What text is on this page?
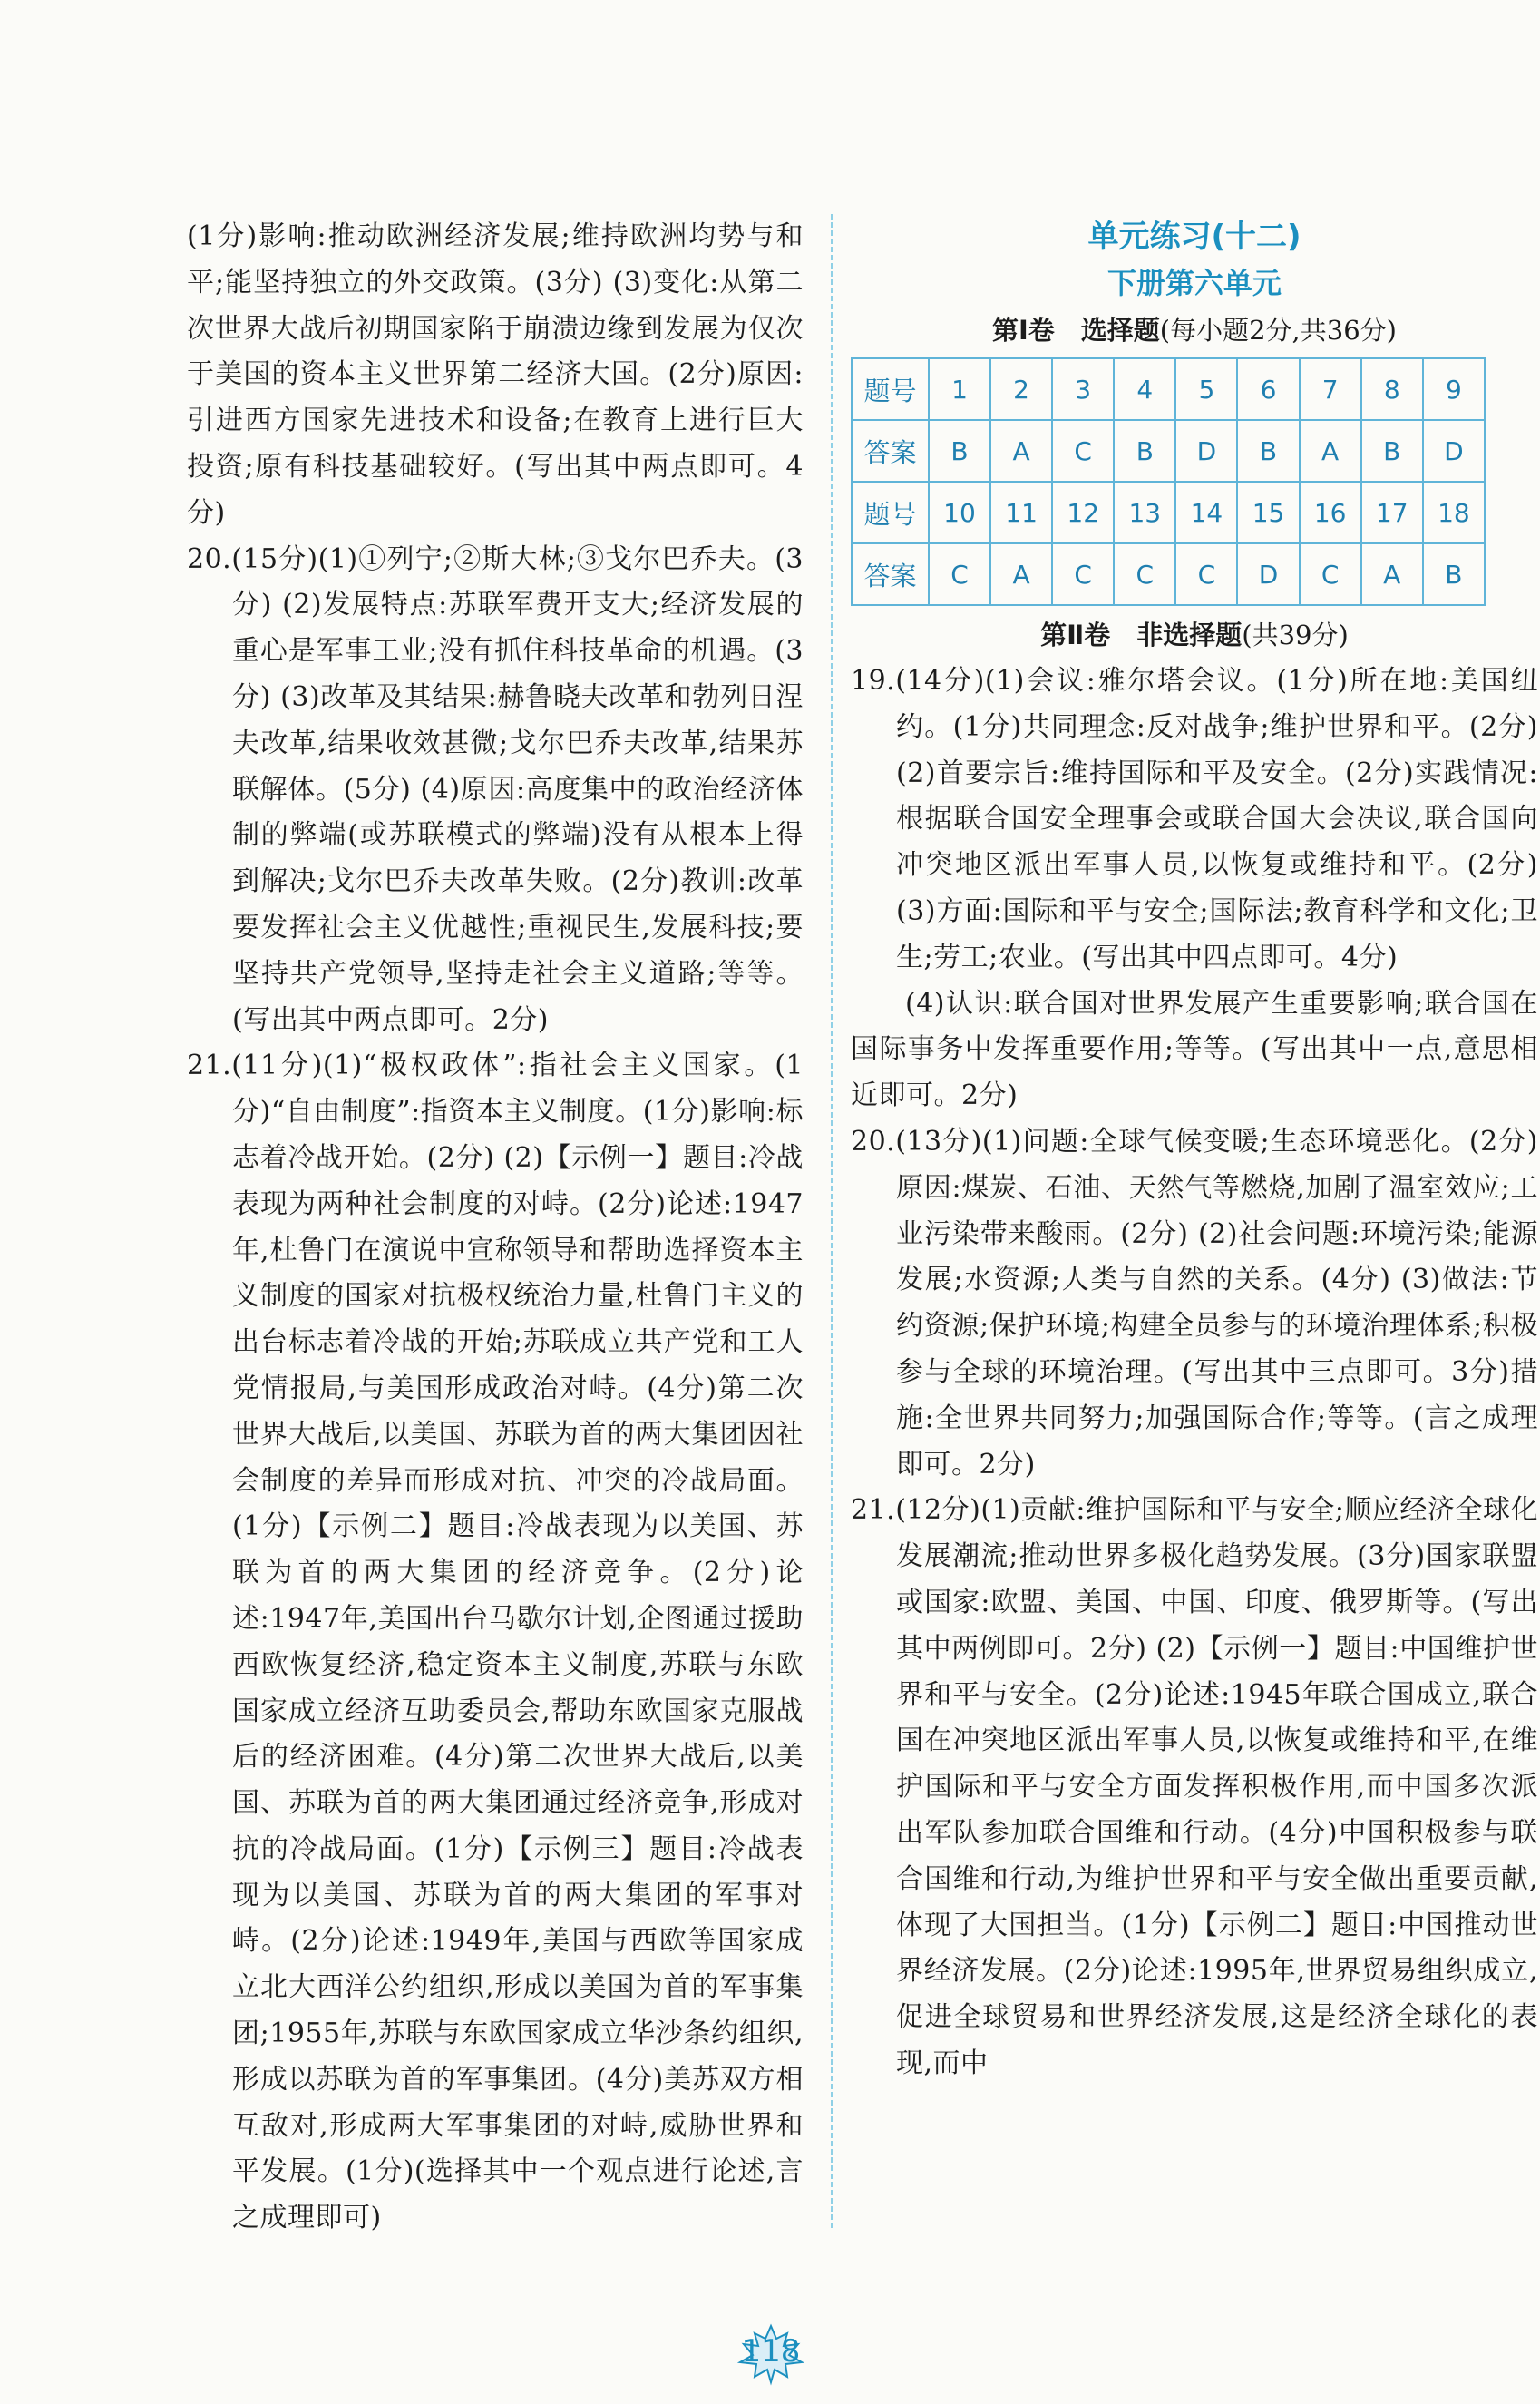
(1分)影响:推动欧洲经济发展;维持欧洲均势与和平;能坚持独立的外交政策。(3分) (3)变化:从第二次世界大战后初期国家陷于崩溃边缘到发展为仅次于美国的资本主义世界第二经济大国。(2分)原因:引进西方国家先进技术和设备;在教育上进行巨大投资;原有科技基础较好。(写出其中两点即可。4分)

20.(15分)(1)①列宁;②斯大林;③戈尔巴乔夫。(3分) (2)发展特点:苏联军费开支大;经济发展的重心是军事工业;没有抓住科技革命的机遇。(3分) (3)改革及其结果:赫鲁晓夫改革和勃列日涅夫改革,结果收效甚微;戈尔巴乔夫改革,结果苏联解体。(5分) (4)原因:高度集中的政治经济体制的弊端(或苏联模式的弊端)没有从根本上得到解决;戈尔巴乔夫改革失败。(2分)教训:改革要发挥社会主义优越性;重视民生,发展科技;要坚持共产党领导,坚持走社会主义道路;等等。(写出其中两点即可。2分)

21.(11分)(1)“极权政体”:指社会主义国家。(1分)“自由制度”:指资本主义制度。(1分)影响:标志着冷战开始。(2分) (2)【示例一】题目:冷战表现为两种社会制度的对峙。(2分)论述:1947年,杜鲁门在演说中宣称领导和帮助选择资本主义制度的国家对抗极权统治力量,杜鲁门主义的出台标志着冷战的开始;苏联成立共产党和工人党情报局,与美国形成政治对峙。(4分)第二次世界大战后,以美国、苏联为首的两大集团因社会制度的差异而形成对抗、冲突的冷战局面。(1分)【示例二】题目:冷战表现为以美国、苏联为首的两大集团的经济竞争。(2分)论述:1947年,美国出台马歇尔计划,企图通过援助西欧恢复经济,稳定资本主义制度,苏联与东欧国家成立经济互助委员会,帮助东欧国家克服战后的经济困难。(4分)第二次世界大战后,以美国、苏联为首的两大集团通过经济竞争,形成对抗的冷战局面。(1分)【示例三】题目:冷战表现为以美国、苏联为首的两大集团的军事对峙。(2分)论述:1949年,美国与西欧等国家成立北大西洋公约组织,形成以美国为首的军事集团;1955年,苏联与东欧国家成立华沙条约组织,形成以苏联为首的军事集团。(4分)美苏双方相互敌对,形成两大军事集团的对峙,威胁世界和平发展。(1分)(选择其中一个观点进行论述,言之成理即可)

单元练习(十二)

下册第六单元

第Ⅰ卷　选择题(每小题2分,共36分)

题号	1	2	3	4	5	6	7	8	9
答案	B	A	C	B	D	B	A	B	D
题号	10	11	12	13	14	15	16	17	18
答案	C	A	C	C	C	D	C	A	B

第Ⅱ卷　非选择题(共39分)

19.(14分)(1)会议:雅尔塔会议。(1分)所在地:美国纽约。(1分)共同理念:反对战争;维护世界和平。(2分) (2)首要宗旨:维持国际和平及安全。(2分)实践情况:根据联合国安全理事会或联合国大会决议,联合国向冲突地区派出军事人员,以恢复或维持和平。(2分) (3)方面:国际和平与安全;国际法;教育科学和文化;卫生;劳工;农业。(写出其中四点即可。4分)

(4)认识:联合国对世界发展产生重要影响;联合国在国际事务中发挥重要作用;等等。(写出其中一点,意思相近即可。2分)

20.(13分)(1)问题:全球气候变暖;生态环境恶化。(2分)原因:煤炭、石油、天然气等燃烧,加剧了温室效应;工业污染带来酸雨。(2分) (2)社会问题:环境污染;能源发展;水资源;人类与自然的关系。(4分) (3)做法:节约资源;保护环境;构建全员参与的环境治理体系;积极参与全球的环境治理。(写出其中三点即可。3分)措施:全世界共同努力;加强国际合作;等等。(言之成理即可。2分)

21.(12分)(1)贡献:维护国际和平与安全;顺应经济全球化发展潮流;推动世界多极化趋势发展。(3分)国家联盟或国家:欧盟、美国、中国、印度、俄罗斯等。(写出其中两例即可。2分) (2)【示例一】题目:中国维护世界和平与安全。(2分)论述:1945年联合国成立,联合国在冲突地区派出军事人员,以恢复或维持和平,在维护国际和平与安全方面发挥积极作用,而中国多次派出军队参加联合国维和行动。(4分)中国积极参与联合国维和行动,为维护世界和平与安全做出重要贡献,体现了大国担当。(1分)【示例二】题目:中国推动世界经济发展。(2分)论述:1995年,世界贸易组织成立,促进全球贸易和世界经济发展,这是经济全球化的表现,而中

118
